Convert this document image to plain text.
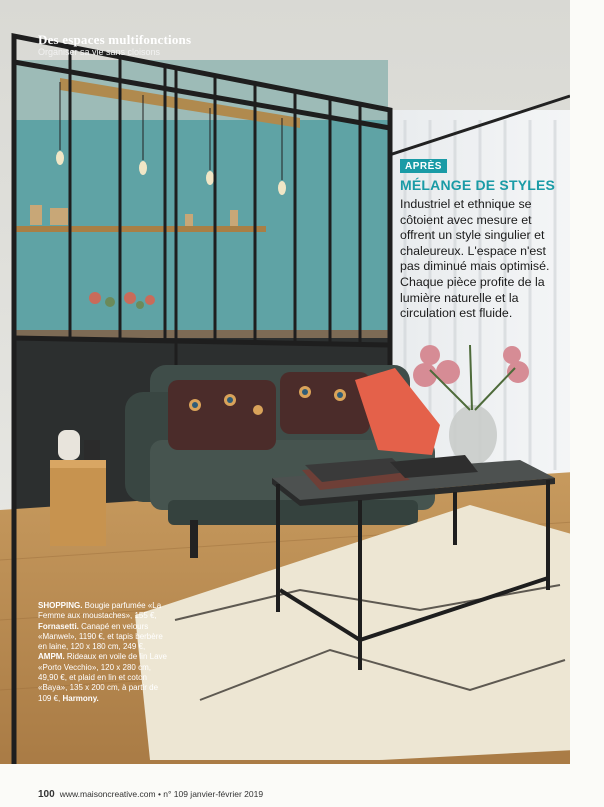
Des espaces multifonctions
Organiser sa vie sans cloisons
APRÈS
MÉLANGE DE STYLES
Industriel et ethnique se côtoient avec mesure et offrent un style singulier et chaleureux. L'espace n'est pas diminué mais optimisé. Chaque pièce profite de la lumière naturelle et la circulation est fluide.
SHOPPING. Bougie parfumée «La Femme aux moustaches», 155 €, Fornasetti. Canapé en velours «Manwel», 1190 €, et tapis berbère en laine, 120 x 180 cm, 249 €, AMPM. Rideaux en voile de lin Lave «Porto Vecchio», 120 x 280 cm, 49,90 €, et plaid en lin et coton «Baya», 135 x 200 cm, à partir de 109 €, Harmony.
100 www.maisoncreative.com • n° 109 janvier-février 2019
